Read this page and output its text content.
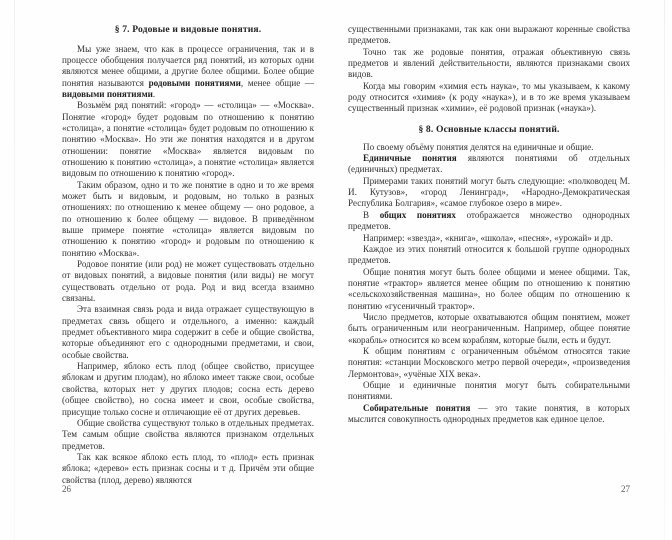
§ 7. Родовые и видовые понятия.

Мы уже знаем, что как в процессе ограничения, так и в процессе обобщения получается ряд понятий, из которых одни являются менее общими, а другие более общими. Более общие понятия называются родовыми понятиями, менее общие — видовыми понятиями.

Возьмём ряд понятий: «город» — «столица» — «Москва». Понятие «город» будет родовым по отношению к понятию «столица», а понятие «столица» будет родовым по отношению к понятию «Москва». Но эти же понятия находятся и в другом отношении: понятие «Москва» является видовым по отношению к понятию «столица», а понятие «столица» является видовым по отношению к понятию «город».

Таким образом, одно и то же понятие в одно и то же время может быть и видовым, и родовым, но только в разных отношениях: по отношению к менее общему — оно родовое, а по отношению к более общему — видовое. В приведённом выше примере понятие «столица» является видовым по отношению к понятию «город» и родовым по отношению к понятию «Москва».

Родовое понятие (или род) не может существовать отдельно от видовых понятий, а видовые понятия (или виды) не могут существовать отдельно от рода. Род и вид всегда взаимно связаны.

Эта взаимная связь рода и вида отражает существующую в предметах связь общего и отдельного, а именно: каждый предмет объективного мира содержит в себе и общие свойства, которые объединяют его с однородными предметами, и свои, особые свойства.

Например, яблоко есть плод (общее свойство, присущее яблокам и другим плодам), но яблоко имеет также свои, особые свойства, которых нет у других плодов; сосна есть дерево (общее свойство), но сосна имеет и свои, особые свойства, присущие только сосне и отличающие её от других деревьев.

Общие свойства существуют только в отдельных предметах. Тем самым общие свойства являются признаком отдельных предметов.

Так как всякое яблоко есть плод, то «плод» есть признак яблока; «дерево» есть признак сосны и т д. Причём эти общие свойства (плод, дерево) являются

26

существенными признаками, так как они выражают коренные свойства предметов.

Точно так же родовые понятия, отражая объективную связь предметов и явлений действительности, являются признаками своих видов.

Когда мы говорим «химия есть наука», то мы указываем, к какому роду относится «химия» (к роду «наука»), и в то же время указываем существенный признак «химии», её родовой признак («наука»).

§ 8. Основные классы понятий.

По своему объёму понятия делятся на единичные и общие.

Единичные понятия являются понятиями об отдельных (единичных) предметах.

Примерами таких понятий могут быть следующие: «полководец М. И. Кутузов», «город Ленинград», «Народно‑Демократическая Республика Болгария», «самое глубокое озеро в мире».

В общих понятиях отображается множество однородных предметов.

Например: «звезда», «книга», «школа», «песня», «урожай» и др.

Каждое из этих понятий относится к большой группе однородных предметов.

Общие понятия могут быть более общими и менее общими. Так, понятие «трактор» является менее общим по отношению к понятию «сельскохозяйственная машина», но более общим по отношению к понятию «гусеничный трактор».

Число предметов, которые охватываются общим понятием, может быть ограниченным или неограниченным. Например, общее понятие «корабль» относится ко всем кораблям, которые были, есть и будут.

К общим понятиям с ограниченным объёмом относятся такие понятия: «станции Московского метро первой очереди», «произведения Лермонтова», «учёные XIX века».

Общие и единичные понятия могут быть собирательными понятиями.

Собирательные понятия — это такие понятия, в которых мыслится совокупность однородных предметов как единое целое.

27
